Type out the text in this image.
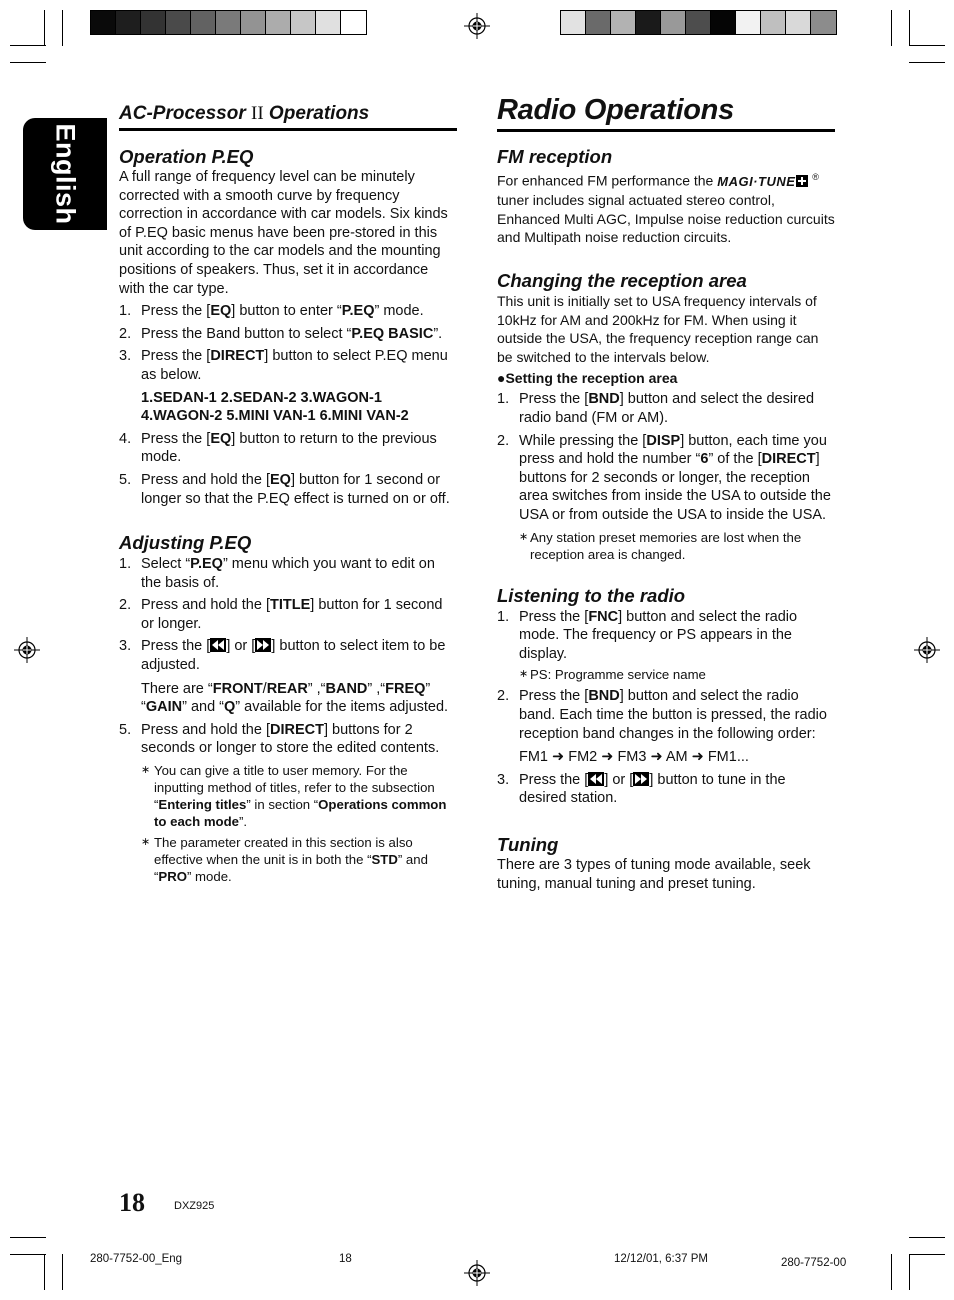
English
AC-Processor II Operations	Radio Operations
Operation P.EQ

A full range of frequency level can be minutely corrected with a smooth curve by frequency correction in accordance with car models. Six kinds of P.EQ basic menus have been pre-stored in this unit according to the car models and the mounting positions of speakers. Thus, set it in accordance with the car type.

1. Press the [EQ] button to enter “P.EQ” mode.
2. Press the Band button to select “P.EQ BASIC”.
3. Press the [DIRECT] button to select P.EQ menu as below.
1.SEDAN-1 2.SEDAN-2 3.WAGON-1
4.WAGON-2 5.MINI VAN-1 6.MINI VAN-2
4. Press the [EQ] button to return to the previous mode.
5. Press and hold the [EQ] button for 1 second or longer so that the P.EQ effect is turned on or off.
Adjusting P.EQ
1. Select “P.EQ” menu which you want to edit on the basis of.
2. Press and hold the [TITLE] button for 1 second or longer.
3. Press the [ ] or [ ] button to select item to be adjusted.
There are “FRONT/REAR” ,“BAND” ,“FREQ” “GAIN” and “Q” available for the items adjusted.
5. Press and hold the [DIRECT] buttons for 2 seconds or longer to store the edited contents.
∗ You can give a title to user memory. For the inputting method of titles, refer to the subsection “Entering titles” in section “Operations common to each mode”.
∗ The parameter created in this section is also effective when the unit is in both the “STD” and “PRO” mode.
FM reception

For enhanced FM performance the MAGI·TUNE ®
tuner includes signal actuated stereo control, Enhanced Multi AGC, Impulse noise reduction curcuits and Multipath noise reduction circuits.

Changing the reception area

This unit is initially set to USA frequency intervals of 10kHz for AM and 200kHz for FM. When using it outside the USA, the frequency reception range can be switched to the intervals below.

●Setting the reception area

1. Press the [BND] button and select the desired radio band (FM or AM).
2. While pressing the [DISP] button, each time you press and hold the number “6” of the [DIRECT] buttons for 2 seconds or longer, the reception area switches from inside the USA to outside the USA or from outside the USA to inside the USA.
∗ Any station preset memories are lost when the reception area is changed.
Listening to the radio
1. Press the [FNC] button and select the radio mode. The frequency or PS appears in the display.
∗ PS: Programme service name
2. Press the [BND] button and select the radio band. Each time the button is pressed, the radio reception band changes in the following order:
FM1 ➜ FM2 ➜ FM3 ➜ AM ➜ FM1...
3. Press the [ ] or [ ] button to tune in the desired station.
Tuning

There are 3 types of tuning mode available, seek tuning, manual tuning and preset tuning.

18	DXZ925
280-7752-00_Eng	18	12/12/01, 6:37 PM	280-7752-00
